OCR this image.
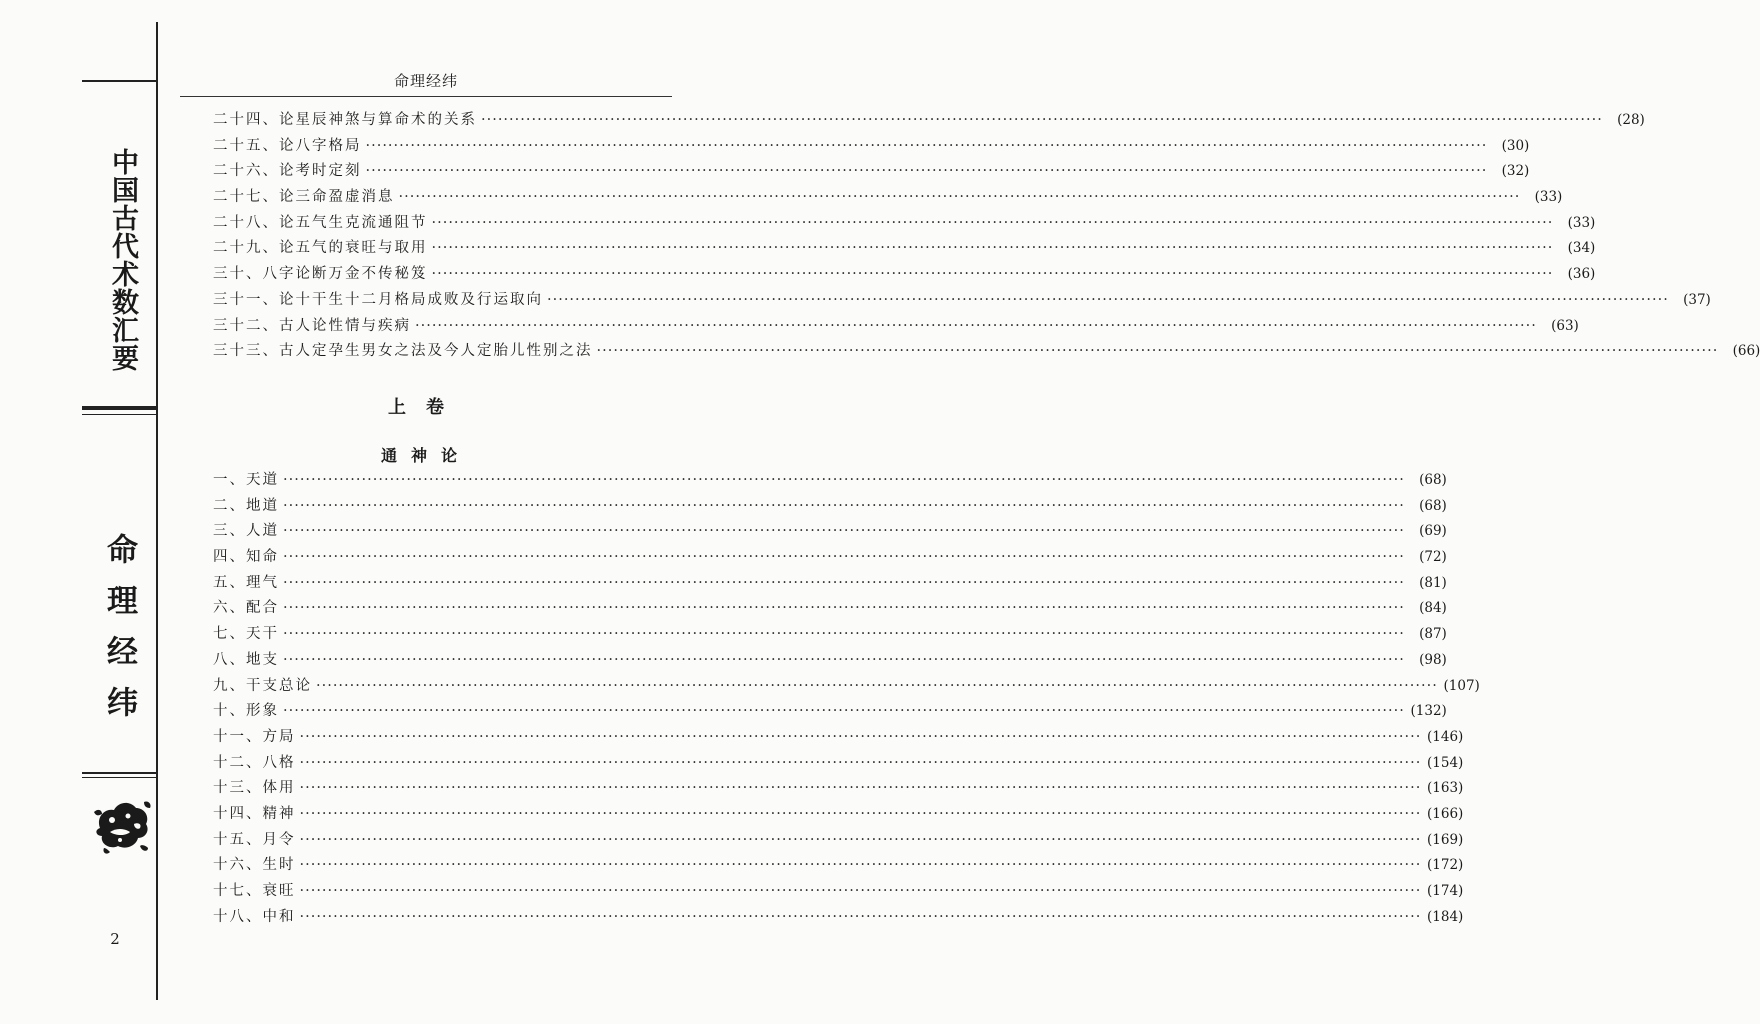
中国古代术数汇要
命理经纬
2
命理经纬
二十四、论星辰神煞与算命术的关系 ········································································································································································································	(28)
二十五、论八字格局 ········································································································································································································	(30)
二十六、论考时定刻 ········································································································································································································	(32)
二十七、论三命盈虚消息 ········································································································································································································	(33)
二十八、论五气生克流通阻节 ········································································································································································································	(33)
二十九、论五气的衰旺与取用 ········································································································································································································	(34)
三十、八字论断万金不传秘笈 ········································································································································································································	(36)
三十一、论十干生十二月格局成败及行运取向 ········································································································································································································	(37)
三十二、古人论性情与疾病 ········································································································································································································	(63)
三十三、古人定孕生男女之法及今人定胎儿性别之法 ········································································································································································································	(66)
上卷
通神论
一、天道 ········································································································································································································	(68)
二、地道 ········································································································································································································	(68)
三、人道 ········································································································································································································	(69)
四、知命 ········································································································································································································	(72)
五、理气 ········································································································································································································	(81)
六、配合 ········································································································································································································	(84)
七、天干 ········································································································································································································	(87)
八、地支 ········································································································································································································	(98)
九、干支总论 ········································································································································································································ (107)
十、形象 ········································································································································································································ (132)
十一、方局 ········································································································································································································ (146)
十二、八格 ········································································································································································································ (154)
十三、体用 ········································································································································································································ (163)
十四、精神 ········································································································································································································ (166)
十五、月令 ········································································································································································································ (169)
十六、生时 ········································································································································································································ (172)
十七、衰旺 ········································································································································································································ (174)
十八、中和 ········································································································································································································ (184)
